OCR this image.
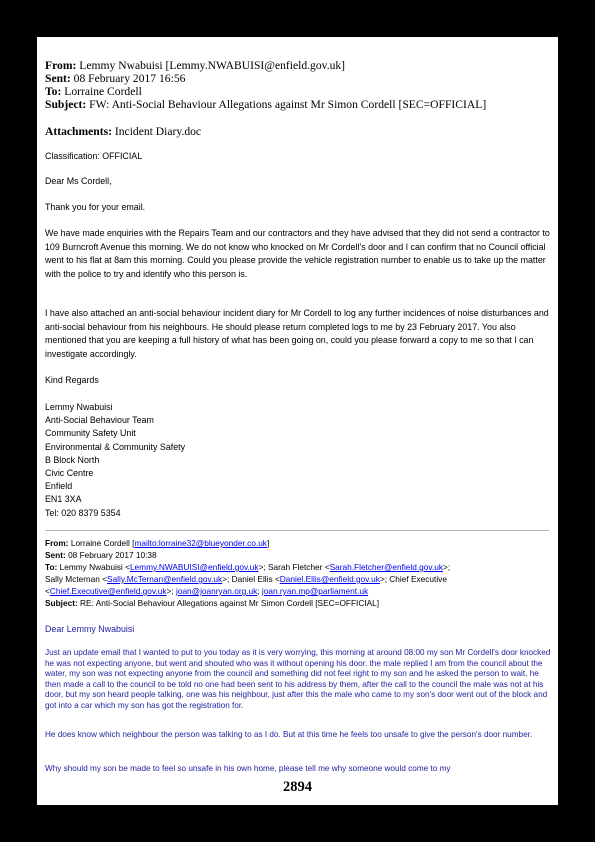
From: Lemmy Nwabuisi [Lemmy.NWABUISI@enfield.gov.uk]
Sent: 08 February 2017 16:56
To: Lorraine Cordell
Subject: FW: Anti-Social Behaviour Allegations against Mr Simon Cordell [SEC=OFFICIAL]
Attachments: Incident Diary.doc
Classification: OFFICIAL
Dear Ms Cordell,
Thank you for your email.
We have made enquiries with the Repairs Team and our contractors and they have advised that they did not send a contractor to 109 Burncroft Avenue this morning. We do not know who knocked on Mr Cordell’s door and I can confirm that no Council official went to his flat at 8am this morning. Could you please provide the vehicle registration number to enable us to take up the matter with the police to try and identify who this person is.
I have also attached an anti-social behaviour incident diary for Mr Cordell to log any further incidences of noise disturbances and anti-social behaviour from his neighbours. He should please return completed logs to me by 23 February 2017. You also mentioned that you are keeping a full history of what has been going on, could you please forward a copy to me so that I can investigate accordingly.
Kind Regards
Lemmy Nwabuisi
Anti-Social Behaviour Team
Community Safety Unit
Environmental & Community Safety
B Block North
Civic Centre
Enfield
EN1 3XA
Tel: 020 8379 5354
From: Lorraine Cordell [mailto:lorraine32@blueyonder.co.uk]
Sent: 08 February 2017 10:38
To: Lemmy Nwabuisi <Lemmy.NWABUISI@enfield.gov.uk>; Sarah Fletcher <Sarah.Fletcher@enfield.gov.uk>;
Sally Mcternan <Sally.McTernan@enfield.gov.uk>; Daniel Ellis <Daniel.Ellis@enfield.gov.uk>; Chief Executive
<Chief.Executive@enfield.gov.uk>; joan@joanryan.org.uk; joan.ryan.mp@parliament.uk
Subject: RE: Anti-Social Behaviour Allegations against Mr Simon Cordell [SEC=OFFICIAL]
Dear Lemmy Nwabuisi
Just an update email that I wanted to put to you today as it is very worrying, this morning at around 08:00 my son Mr Cordell's door knocked he was not expecting anyone, but went and shouted who was it without opening his door. the male replied I am from the council about the water, my son was not expecting anyone from the council and something did not feel right to my son and he asked the person to wait, he then made a call to the council to be told no one had been sent to his address by them, after the call to the council the male was not at his door, but my son heard people talking, one was his neighbour, just after this the male who came to my son's door went out of the block and got into a car which my son has got the registration for.
He does know which neighbour the person was talking to as I do. But at this time he feels too unsafe to give the person's door number.
Why should my son be made to feel so unsafe in his own home, please tell me why someone would come to my
2894
